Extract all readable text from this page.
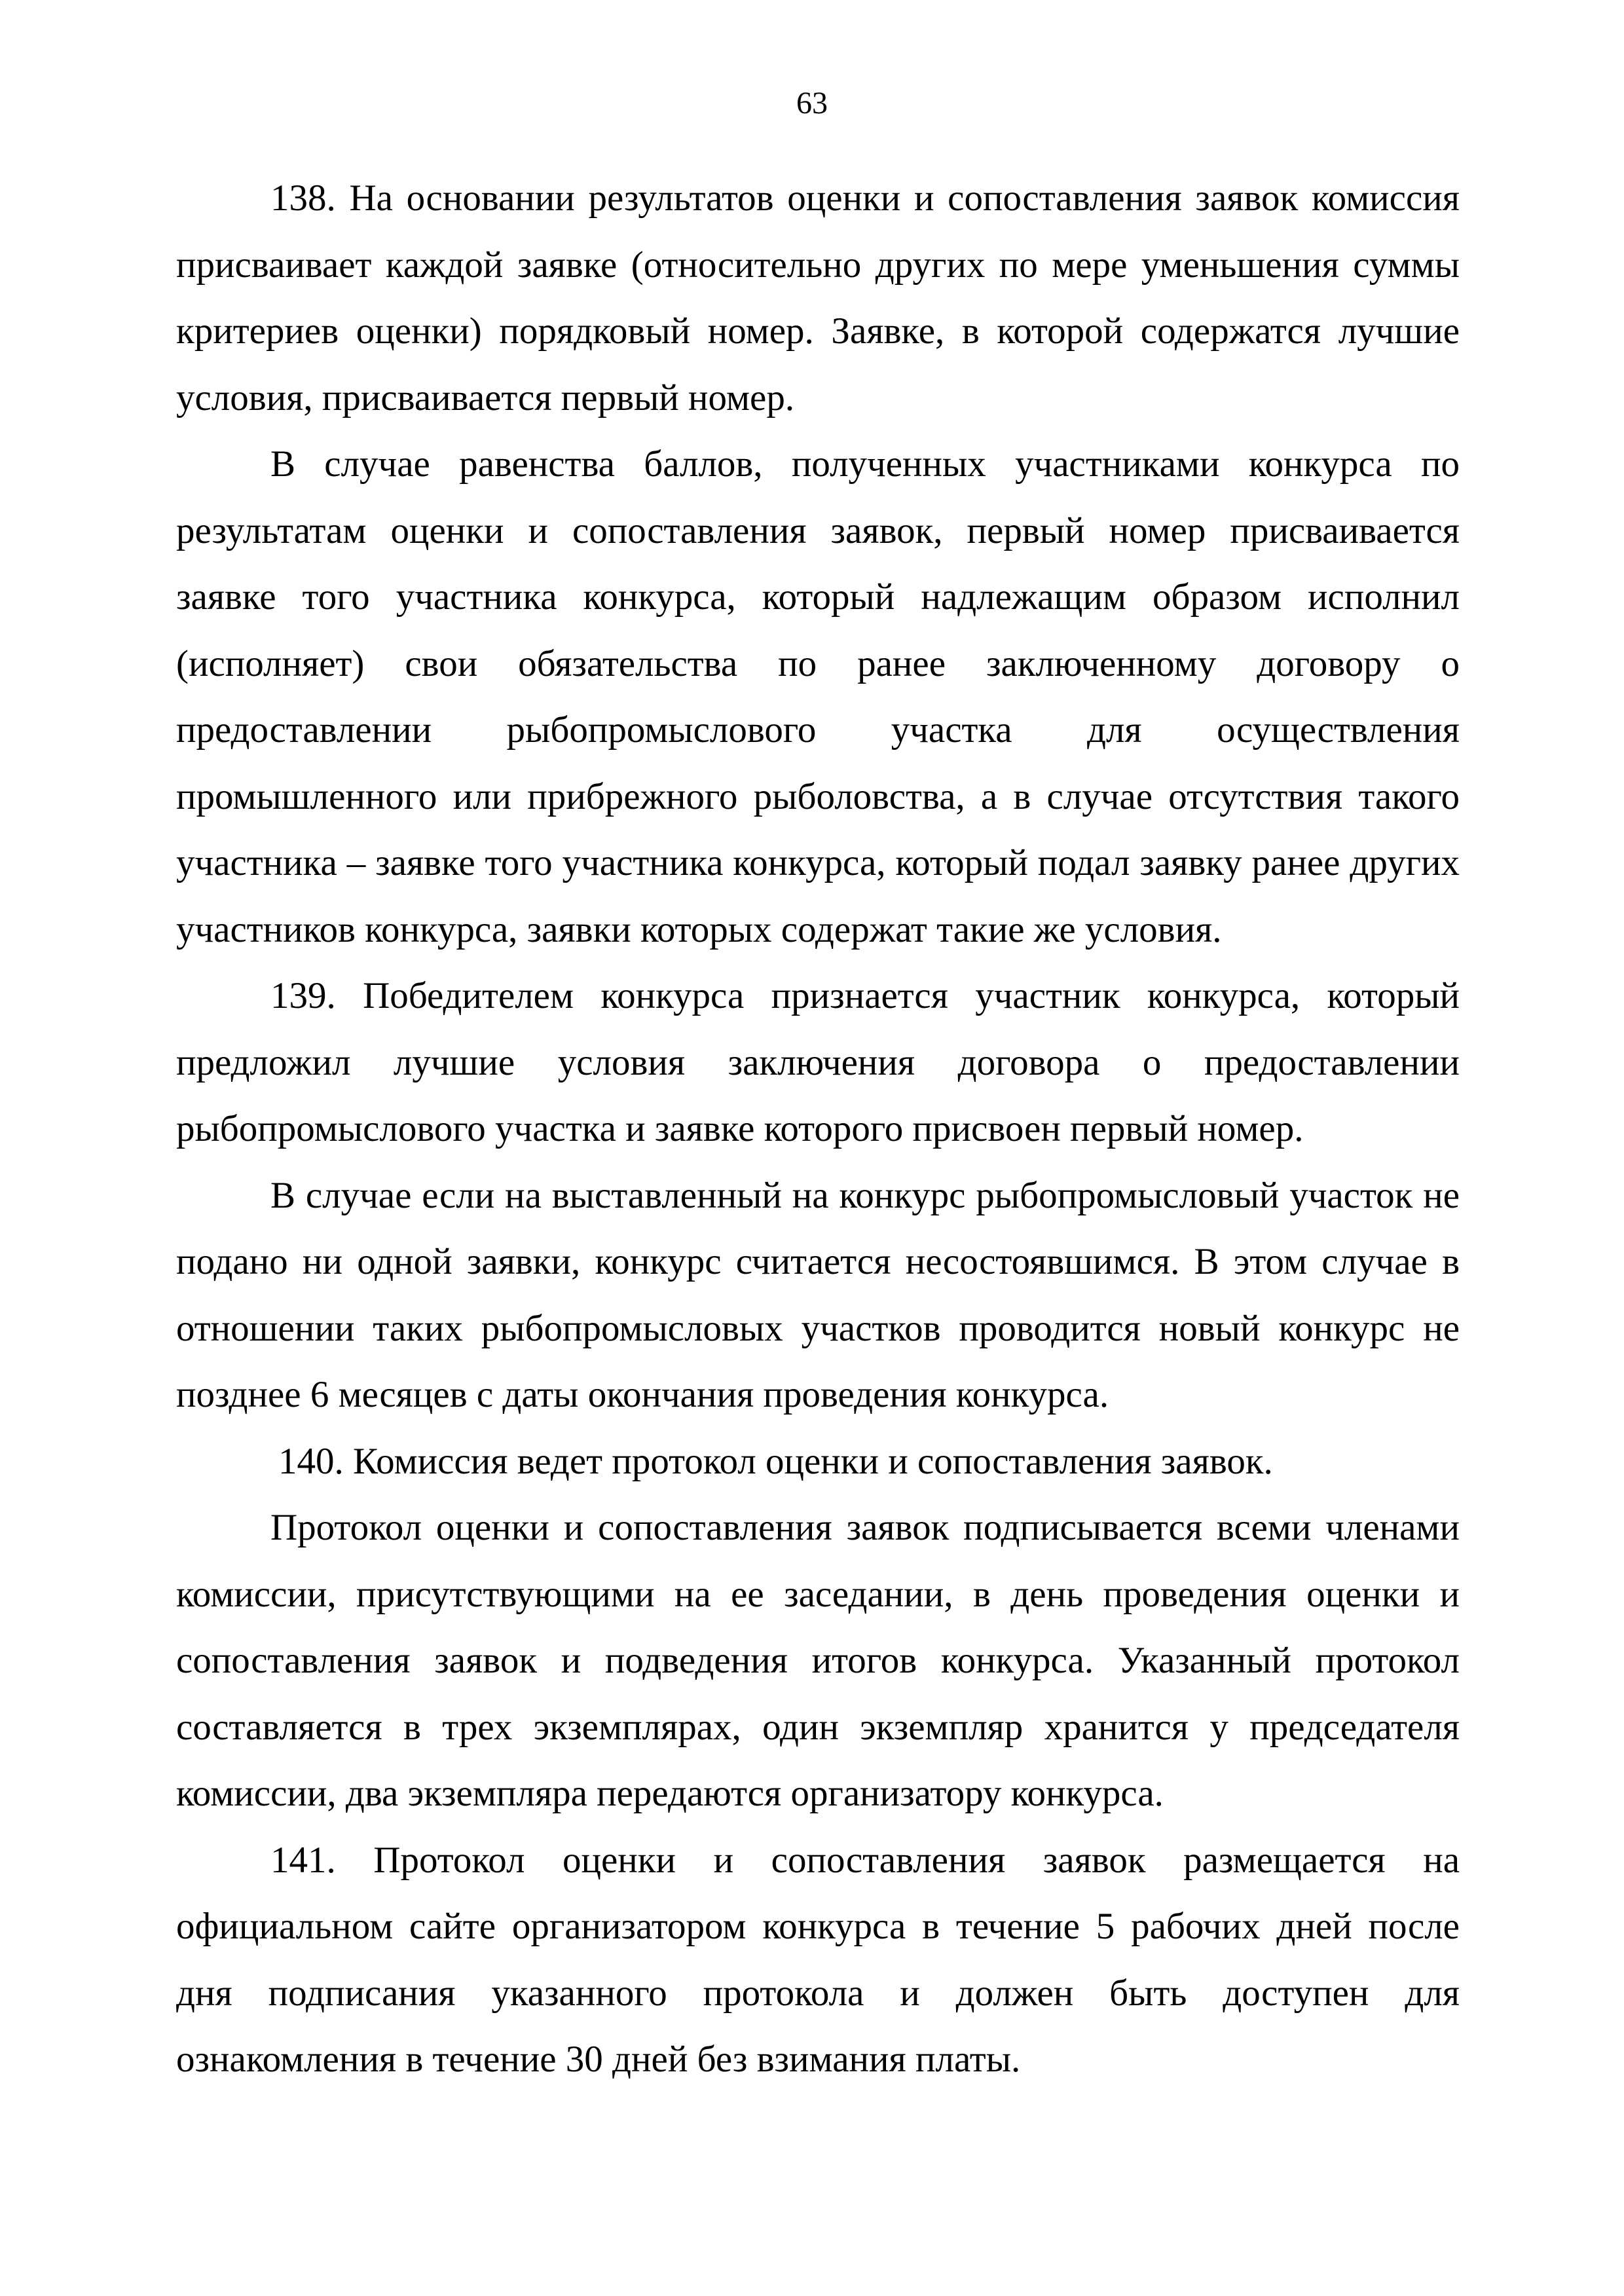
63

138. На основании результатов оценки и сопоставления заявок комиссия присваивает каждой заявке (относительно других по мере уменьшения суммы критериев оценки) порядковый номер. Заявке, в которой содержатся лучшие условия, присваивается первый номер.

В случае равенства баллов, полученных участниками конкурса по результатам оценки и сопоставления заявок, первый номер присваивается заявке того участника конкурса, который надлежащим образом исполнил (исполняет) свои обязательства по ранее заключенному договору о предоставлении рыбопромыслового участка для осуществления промышленного или прибрежного рыболовства, а в случае отсутствия такого участника – заявке того участника конкурса, который подал заявку ранее других участников конкурса, заявки которых содержат такие же условия.

139. Победителем конкурса признается участник конкурса, который предложил лучшие условия заключения договора о предоставлении рыбопромыслового участка и заявке которого присвоен первый номер.

В случае если на выставленный на конкурс рыбопромысловый участок не подано ни одной заявки, конкурс считается несостоявшимся. В этом случае в отношении таких рыбопромысловых участков проводится новый конкурс не позднее 6 месяцев с даты окончания проведения конкурса.

140. Комиссия ведет протокол оценки и сопоставления заявок.

Протокол оценки и сопоставления заявок подписывается всеми членами комиссии, присутствующими на ее заседании, в день проведения оценки и сопоставления заявок и подведения итогов конкурса. Указанный протокол составляется в трех экземплярах, один экземпляр хранится у председателя комиссии, два экземпляра передаются организатору конкурса.

141. Протокол оценки и сопоставления заявок размещается на официальном сайте организатором конкурса в течение 5 рабочих дней после дня подписания указанного протокола и должен быть доступен для ознакомления в течение 30 дней без взимания платы.
